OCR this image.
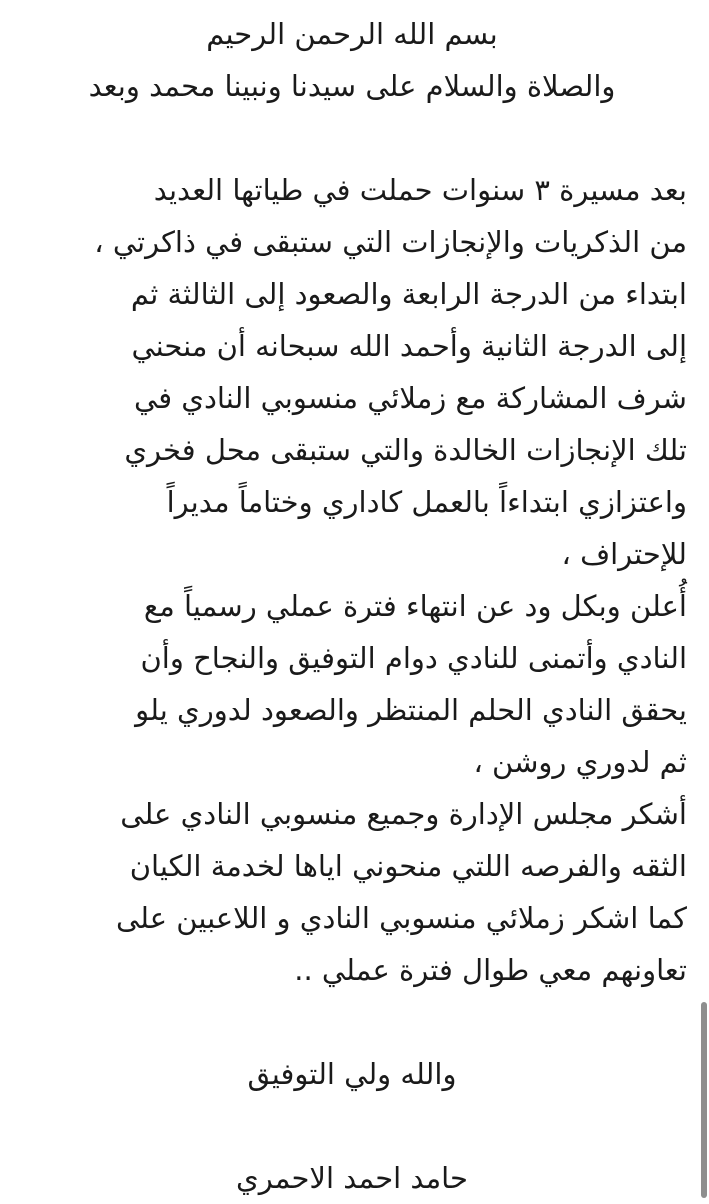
بسم الله الرحمن الرحيم
والصلاة والسلام على سيدنا ونبينا محمد وبعد
بعد مسيرة ٣ سنوات حملت في طياتها العديد
من الذكريات والإنجازات التي ستبقى في ذاكرتي ،
ابتداء من الدرجة الرابعة والصعود إلى الثالثة ثم
إلى الدرجة الثانية وأحمد الله سبحانه أن منحني
شرف المشاركة مع زملائي منسوبي النادي في
تلك الإنجازات الخالدة والتي ستبقى محل فخري
واعتزازي ابتداءاً بالعمل كاداري وختاماً مديراً
للإحتراف ،
أُعلن وبكل ود عن انتهاء فترة عملي رسمياً مع
النادي وأتمنى للنادي دوام التوفيق والنجاح وأن
يحقق النادي الحلم المنتظر والصعود لدوري يلو
ثم لدوري روشن ،
أشكر مجلس الإدارة وجميع منسوبي النادي على
الثقه والفرصه اللتي منحوني اياها لخدمة الكيان
كما اشكر زملائي منسوبي النادي و اللاعبين على
تعاونهم معي طوال فترة عملي ..
والله ولي التوفيق
حامد احمد الاحمري
